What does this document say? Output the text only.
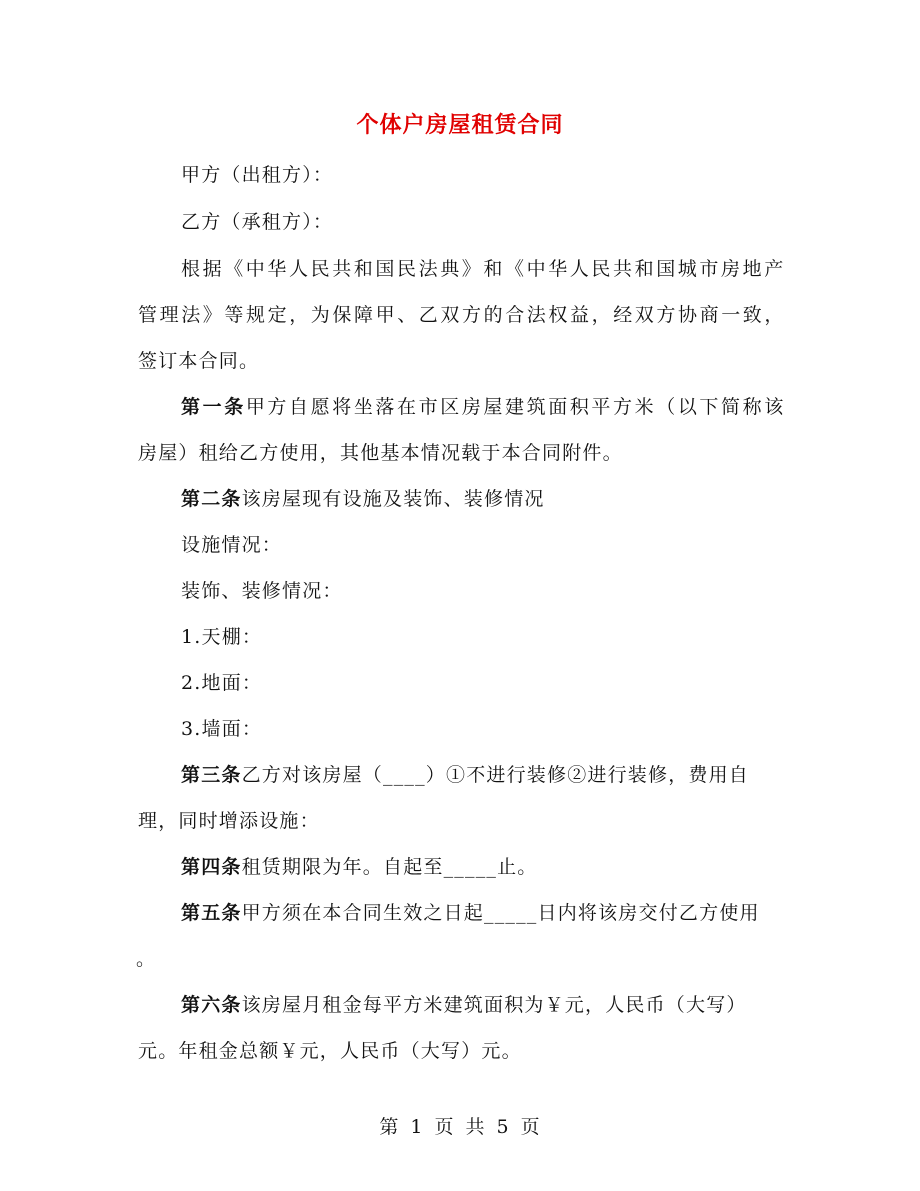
个体户房屋租赁合同
甲方（出租方）：
乙方（承租方）：
根据《中华人民共和国民法典》和《中华人民共和国城市房地产
管理法》等规定，为保障甲、乙双方的合法权益，经双方协商一致，
签订本合同。
第一条甲方自愿将坐落在市区房屋建筑面积平方米（以下简称该
房屋）租给乙方使用，其他基本情况载于本合同附件。
第二条该房屋现有设施及装饰、装修情况
设施情况：
装饰、装修情况：
1.天棚：
2.地面：
3.墙面：
第三条乙方对该房屋（____）①不进行装修②进行装修，费用自
理，同时增添设施：
第四条租赁期限为年。自起至_____止。
第五条甲方须在本合同生效之日起_____日内将该房交付乙方使用
。
第六条该房屋月租金每平方米建筑面积为￥元，人民币（大写）
元。年租金总额￥元，人民币（大写）元。
第 1 页 共 5 页
